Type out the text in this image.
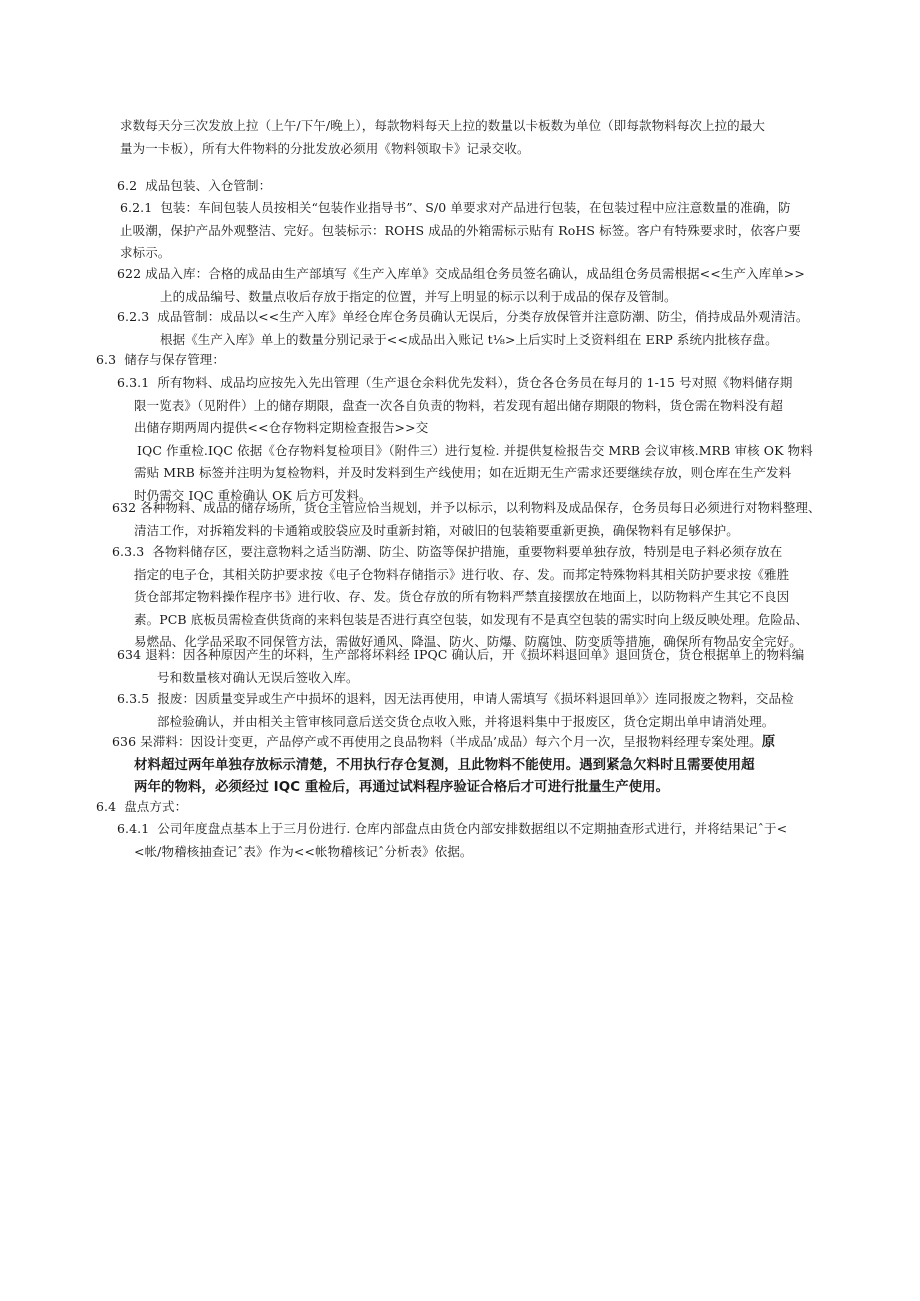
求数每天分三次发放上拉（上午/下午/晚上），每款物料每天上拉的数量以卡板数为单位（即每款物料每次上拉的最大
量为一卡板），所有大件物料的分批发放必须用《物料领取卡》记录交收。
6.2 成品包装、入仓管制：
6.2.1 包装：车间包装人员按相关“包装作业指导书”、S/0 单要求对产品进行包装，在包装过程中应注意数量的准确，防
止吸潮，保护产品外观整洁、完好。包装标示：ROHS 成品的外箱需标示贴有 RoHS 标签。客户有特殊要求时，依客户要
求标示。
622 成品入库：合格的成品由生产部填写《生产入库单》交成品组仓务员签名确认，成品组仓务员需根据<<生产入库单>>
上的成品编号、数量点收后存放于指定的位置，并写上明显的标示以利于成品的保存及管制。
6.2.3 成品管制：成品以<<生产入库》单经仓库仓务员确认无误后，分类存放保管并注意防潮、防尘，俏持成品外观清洁。
根据《生产入库》单上的数量分别记录于<<成品出入账记 t⅛>上后实时上爻资料组在 ERP 系统内批核存盘。
6.3 储存与保存管理：
6.3.1 所有物料、成品均应按先入先出管理（生产退仓余料优先发料），货仓各仓务员在每月的 1-15 号对照《物料储存期
限一览表》（见附件）上的储存期限，盘查一次各自负责的物料，若发现有超出储存期限的物料，货仓需在物料没有超
出储存期两周内提供<<仓存物料定期检查报告>>交
IQC 作重检.IQC 依据《仓存物料复检项目》（附件三）进行复检. 并提供复检报告交 MRB 会议审核.MRB 审核 OK 物料
需贴 MRB 标签并注明为复检物料，并及时发料到生产线使用；如在近期无生产需求还要继续存放，则仓库在生产发料
时仍需交 IQC 重检确认 OK 后方可发料。
632 各种物料、成品的储存场所，货仓主管应恰当规划，并予以标示，以利物料及成品保存，仓务员每日必须进行对物料整理、
清洁工作，对拆箱发料的卡通箱或胶袋应及时重新封箱，对破旧的包装箱要重新更换，确保物料有足够保护。
6.3.3 各物料储存区，要注意物料之适当防潮、防尘、防盗等保护措施，重要物料要单独存放，特别是电子料必须存放在
指定的电子仓，其相关防护要求按《电子仓物料存储指示》进行收、存、发。而邦定特殊物料其相关防护要求按《雅胜
货仓部邦定物料操作程序书》进行收、存、发。货仓存放的所有物料严禁直接摆放在地面上，以防物料产生其它不良因
素。PCB 底板员需检查供货商的来料包装是否进行真空包装，如发现有不是真空包装的需实时向上级反映处理。危险品、
易燃品、化学品采取不同保管方法，需做好通风、降温、防火、防爆、防腐蚀、防变质等措施，确保所有物品安全完好。
634 退料：因各种原因产生的坏料，生产部将坏料经 IPQC 确认后，开《损坏料退回单》退回货仓，货仓根据单上的物料编
号和数量核对确认无误后签收入库。
6.3.5 报废：因质量变异或生产中损坏的退料，因无法再使用，申请人需填写《损坏料退回单》〉连同报废之物料，交品检
部检验确认，并由相关主管审核同意后送交货仓点收入账，并将退料集中于报废区，货仓定期出单申请消处理。
636 呆滞料：因设计变更，产品停产或不再使用之良品物料（半成品’成品）每六个月一次，呈报物料经理专案处理。原
材料超过两年单独存放标示清楚，不用执行存仓复测，且此物料不能使用。遇到紧急欠料时且需要使用超
两年的物料，必须经过 IQC 重检后，再通过试料程序验证合格后才可进行批量生产使用。
6.4 盘点方式：
6.4.1 公司年度盘点基本上于三月份进行. 仓库内部盘点由货仓内部安排数据组以不定期抽查形式进行，并将结果记ˆ于<
<帐/物稽核抽查记ˆ表》作为<<帐物稽核记ˆ分析表》依据。
